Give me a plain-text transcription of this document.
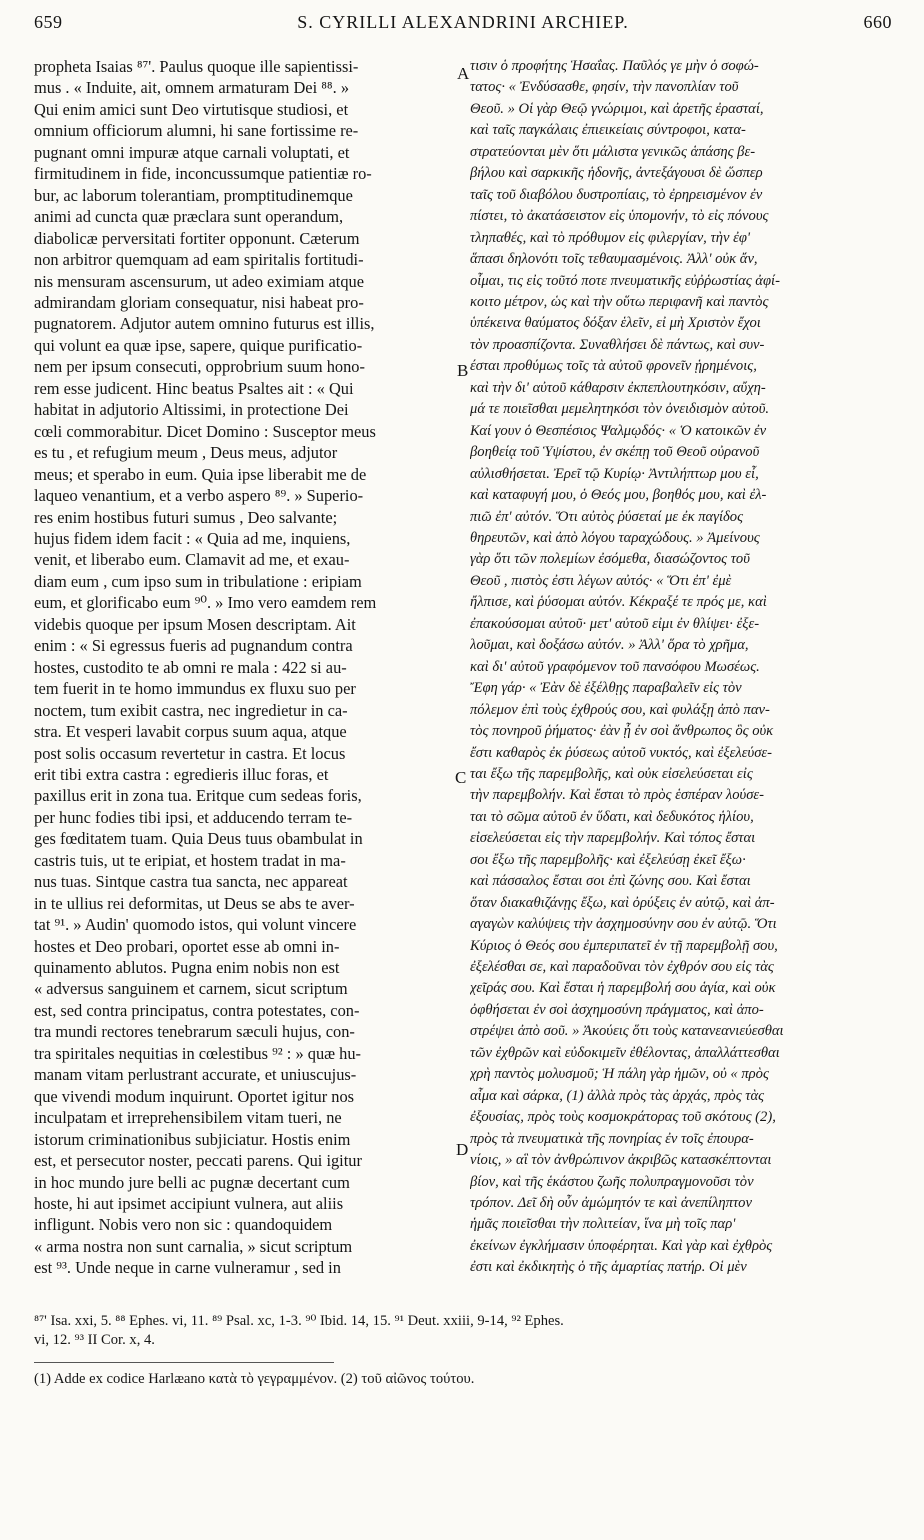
659	S. CYRILLI ALEXANDRINI ARCHIEP.	660
propheta Isaias ⁸⁷'. Paulus quoque ille sapientissi-
mus . « Induite, ait, omnem armaturam Dei ⁸⁸. »
Qui enim amici sunt Deo virtutisque studiosi, et
omnium officiorum alumni, hi sane fortissime re-
pugnant omni impuræ atque carnali voluptati, et
firmitudinem in fide, inconcussumque patientiæ ro-
bur, ac laborum tolerantiam, promptitudinemque
animi ad cuncta quæ præclara sunt operandum,
diabolicæ perversitati fortiter opponunt. Cæterum
non arbitror quemquam ad eam spiritalis fortitudi-
nis mensuram ascensurum, ut adeo eximiam atque
admirandam gloriam consequatur, nisi habeat pro-
pugnatorem. Adjutor autem omnino futurus est illis,
qui volunt ea quæ ipse, sapere, quique purificatio-
nem per ipsum consecuti, opprobrium suum hono-
rem esse judicent. Hinc beatus Psaltes ait : « Qui
habitat in adjutorio Altissimi, in protectione Dei
cœli commorabitur. Dicet Domino : Susceptor meus
es tu , et refugium meum , Deus meus, adjutor
meus; et sperabo in eum. Quia ipse liberabit me de
laqueo venantium, et a verbo aspero ⁸⁹. » Superio-
res enim hostibus futuri sumus , Deo salvante;
hujus fidem idem facit : « Quia ad me, inquiens,
venit, et liberabo eum. Clamavit ad me, et exau-
diam eum , cum ipso sum in tribulatione : eripiam
eum, et glorificabo eum ⁹⁰. » Imo vero eamdem rem
videbis quoque per ipsum Mosen descriptam. Ait
enim : « Si egressus fueris ad pugnandum contra
hostes, custodito te ab omni re mala : 422 si au-
tem fuerit in te homo immundus ex fluxu suo per
noctem, tum exibit castra, nec ingredietur in ca-
stra. Et vesperi lavabit corpus suum aqua, atque
post solis occasum revertetur in castra. Et locus
erit tibi extra castra : egredieris illuc foras, et
paxillus erit in zona tua. Eritque cum sedeas foris,
per hunc fodies tibi ipsi, et adducendo terram te-
ges fœditatem tuam. Quia Deus tuus obambulat in
castris tuis, ut te eripiat, et hostem tradat in ma-
nus tuas. Sintque castra tua sancta, nec appareat
in te ullius rei deformitas, ut Deus se abs te aver-
tat ⁹¹. » Audin' quomodo istos, qui volunt vincere
hostes et Deo probari, oportet esse ab omni in-
quinamento ablutos. Pugna enim nobis non est
« adversus sanguinem et carnem, sicut scriptum
est, sed contra principatus, contra potestates, con-
tra mundi rectores tenebrarum sæculi hujus, con-
tra spiritales nequitias in cœlestibus ⁹² : » quæ hu-
manam vitam perlustrant accurate, et uniuscujus-
que vivendi modum inquirunt. Oportet igitur nos
inculpatam et irreprehensibilem vitam tueri, ne
istorum criminationibus subjiciatur. Hostis enim
est, et persecutor noster, peccati parens. Qui igitur
in hoc mundo jure belli ac pugnæ decertant cum
hoste, hi aut ipsimet accipiunt vulnera, aut aliis
infligunt. Nobis vero non sic : quandoquidem
« arma nostra non sunt carnalia, » sicut scriptum
est ⁹³. Unde neque in carne vulneramur , sed in
τισιν ὁ προφήτης Ἡσαΐας. Παῦλός γε μὴν ὁ σοφώ-
τατος· « Ἐνδύσασθε, φησίν, τὴν πανοπλίαν τοῦ
Θεοῦ. » Οἱ γὰρ Θεῷ γνώριμοι, καὶ ἀρετῆς ἐρασταί,
καὶ ταῖς παγκάλαις ἐπιεικείαις σύντροφοι, κατα-
στρατεύονται μὲν ὅτι μάλιστα γενικῶς ἁπάσης βε-
βήλου καὶ σαρκικῆς ἡδονῆς, ἀντεξάγουσι δὲ ὥσπερ
ταῖς τοῦ διαβόλου δυστροπίαις, τὸ ἐρηρεισμένον ἐν
πίστει, τὸ ἀκατάσειστον εἰς ὑπομονήν, τὸ εἰς πόνους
τληπαθές, καὶ τὸ πρόθυμον εἰς φιλεργίαν, τὴν ἐφ'
ἅπασι δηλονότι τοῖς τεθαυμασμένοις. Ἀλλ' οὐκ ἄν,
οἶμαι, τις εἰς τοῦτό ποτε πνευματικῆς εὐῤῥωστίας ἀφί-
κοιτο μέτρον, ὡς καὶ τὴν οὕτω περιφανῆ καὶ παντὸς
ὑπέκεινα θαύματος δόξαν ἑλεῖν, εἰ μὴ Χριστὸν ἔχοι
τὸν προασπίζοντα. Συναθλήσει δὲ πάντως, καὶ συν-
έσται προθύμως τοῖς τὰ αὐτοῦ φρονεῖν ᾑρημένοις,
καὶ τὴν δι' αὐτοῦ κάθαρσιν ἐκπεπλουτηκόσιν, αὔχη-
μά τε ποιεῖσθαι μεμελητηκόσι τὸν ὀνειδισμὸν αὐτοῦ.
Καί γουν ὁ Θεσπέσιος Ψαλμῳδός· « Ὁ κατοικῶν ἐν
βοηθείᾳ τοῦ Ὑψίστου, ἐν σκέπῃ τοῦ Θεοῦ οὐρανοῦ
αὐλισθήσεται. Ἐρεῖ τῷ Κυρίῳ· Ἀντιλήπτωρ μου εἶ,
καὶ καταφυγή μου, ὁ Θεός μου, βοηθός μου, καὶ ἐλ-
πιῶ ἐπ' αὐτόν. Ὅτι αὐτὸς ῥύσεταί με ἐκ παγίδος
θηρευτῶν, καὶ ἀπὸ λόγου ταραχώδους. » Ἀμείνους
γὰρ ὅτι τῶν πολεμίων ἐσόμεθα, διασώζοντος τοῦ
Θεοῦ , πιστὸς ἐστι λέγων αὐτός· « Ὅτι ἐπ' ἐμὲ
ἤλπισε, καὶ ῥύσομαι αὐτόν. Κέκραξέ τε πρός με, καὶ
ἐπακούσομαι αὐτοῦ· μετ' αὐτοῦ εἰμι ἐν θλίψει· ἐξε-
λοῦμαι, καὶ δοξάσω αὐτόν. » Ἀλλ' ὅρα τὸ χρῆμα,
καὶ δι' αὐτοῦ γραφόμενον τοῦ πανσόφου Μωσέως.
Ἔφη γάρ· « Ἐὰν δὲ ἐξέλθῃς παραβαλεῖν εἰς τὸν
πόλεμον ἐπὶ τοὺς ἐχθρούς σου, καὶ φυλάξῃ ἀπὸ παν-
τὸς πονηροῦ ῥήματος· ἐὰν ᾖ ἐν σοὶ ἄνθρωπος ὃς οὐκ
ἔστι καθαρὸς ἐκ ῥύσεως αὐτοῦ νυκτός, καὶ ἐξελεύσε-
ται ἔξω τῆς παρεμβολῆς, καὶ οὐκ εἰσελεύσεται εἰς
τὴν παρεμβολήν. Καὶ ἔσται τὸ πρὸς ἑσπέραν λούσε-
ται τὸ σῶμα αὐτοῦ ἐν ὕδατι, καὶ δεδυκότος ἡλίου,
εἰσελεύσεται εἰς τὴν παρεμβολήν. Καὶ τόπος ἔσται
σοι ἔξω τῆς παρεμβολῆς· καὶ ἐξελεύσῃ ἐκεῖ ἔξω·
καὶ πάσσαλος ἔσται σοι ἐπὶ ζώνης σου. Καὶ ἔσται
ὅταν διακαθιζάνῃς ἔξω, καὶ ὀρύξεις ἐν αὐτῷ, καὶ ἀπ-
αγαγὼν καλύψεις τὴν ἀσχημοσύνην σου ἐν αὐτῷ. Ὅτι
Κύριος ὁ Θεός σου ἐμπεριπατεῖ ἐν τῇ παρεμβολῇ σου,
ἐξελέσθαι σε, καὶ παραδοῦναι τὸν ἐχθρόν σου εἰς τὰς
χεῖράς σου. Καὶ ἔσται ἡ παρεμβολή σου ἁγία, καὶ οὐκ
ὀφθήσεται ἐν σοὶ ἀσχημοσύνη πράγματος, καὶ ἀπο-
στρέψει ἀπὸ σοῦ. » Ἀκούεις ὅτι τοὺς κατανεανιεύεσθαι
τῶν ἐχθρῶν καὶ εὐδοκιμεῖν ἐθέλοντας, ἀπαλλάττεσθαι
χρὴ παντὸς μολυσμοῦ; Ἡ πάλη γὰρ ἡμῶν, οὐ « πρὸς
αἷμα καὶ σάρκα, (1) ἀλλὰ πρὸς τὰς ἀρχάς, πρὸς τὰς
ἐξουσίας, πρὸς τοὺς κοσμοκράτορας τοῦ σκότους (2),
πρὸς τὰ πνευματικὰ τῆς πονηρίας ἐν τοῖς ἐπουρα-
νίοις, » αἳ τὸν ἀνθρώπινον ἀκριβῶς κατασκέπτονται
βίον, καὶ τῆς ἑκάστου ζωῆς πολυπραγμονοῦσι τὸν
τρόπον. Δεῖ δὴ οὖν ἀμώμητόν τε καὶ ἀνεπίληπτον
ἡμᾶς ποιεῖσθαι τὴν πολιτείαν, ἵνα μὴ τοῖς παρ'
ἐκείνων ἐγκλήμασιν ὑποφέρηται. Καὶ γὰρ καὶ ἐχθρὸς
ἐστι καὶ ἐκδικητὴς ὁ τῆς ἁμαρτίας πατήρ. Οἱ μὲν
A
B
C
D
⁸⁷' Isa. xxi, 5. ⁸⁸ Ephes. vi, 11. ⁸⁹ Psal. xc, 1-3. ⁹⁰ Ibid. 14, 15. ⁹¹ Deut. xxiii, 9-14, ⁹² Ephes.
vi, 12. ⁹³ II Cor. x, 4.
(1) Adde ex codice Harlæano κατὰ τὸ γεγραμμένον. (2) τοῦ αἰῶνος τούτου.
